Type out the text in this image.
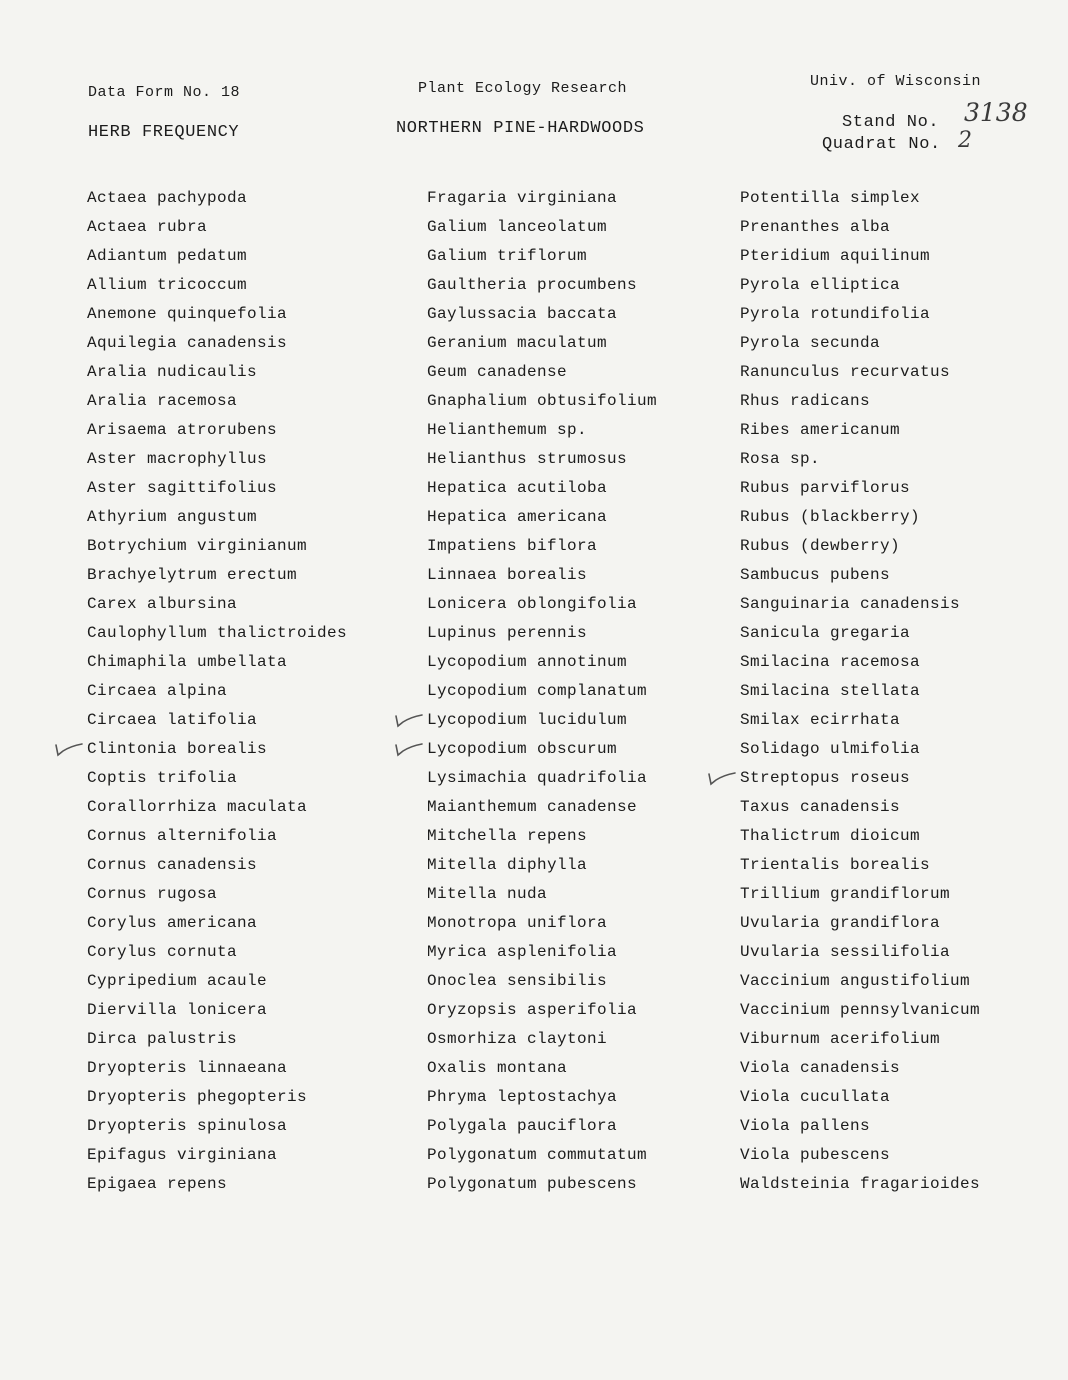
Data Form No. 18	Plant Ecology Research	Univ. of Wisconsin
HERB FREQUENCY	NORTHERN PINE-HARDWOODS	Stand No. 3138
Quadrat No. 2
Actaea pachypoda
Actaea rubra
Adiantum pedatum
Allium tricoccum
Anemone quinquefolia
Aquilegia canadensis
Aralia nudicaulis
Aralia racemosa
Arisaema atrorubens
Aster macrophyllus
Aster sagittifolius
Athyrium angustum
Botrychium virginianum
Brachyelytrum erectum
Carex albursina
Caulophyllum thalictroides
Chimaphila umbellata
Circaea alpina
Circaea latifolia
Clintonia borealis
Coptis trifolia
Corallorrhiza maculata
Cornus alternifolia
Cornus canadensis
Cornus rugosa
Corylus americana
Corylus cornuta
Cypripedium acaule
Diervilla lonicera
Dirca palustris
Dryopteris linnaeana
Dryopteris phegopteris
Dryopteris spinulosa
Epifagus virginiana
Epigaea repens
Fragaria virginiana
Galium lanceolatum
Galium triflorum
Gaultheria procumbens
Gaylussacia baccata
Geranium maculatum
Geum canadense
Gnaphalium obtusifolium
Helianthemum sp.
Helianthus strumosus
Hepatica acutiloba
Hepatica americana
Impatiens biflora
Linnaea borealis
Lonicera oblongifolia
Lupinus perennis
Lycopodium annotinum
Lycopodium complanatum
Lycopodium lucidulum
Lycopodium obscurum
Lysimachia quadrifolia
Maianthemum canadense
Mitchella repens
Mitella diphylla
Mitella nuda
Monotropa uniflora
Myrica asplenifolia
Onoclea sensibilis
Oryzopsis asperifolia
Osmorhiza claytoni
Oxalis montana
Phryma leptostachya
Polygala pauciflora
Polygonatum commutatum
Polygonatum pubescens
Potentilla simplex
Prenanthes alba
Pteridium aquilinum
Pyrola elliptica
Pyrola rotundifolia
Pyrola secunda
Ranunculus recurvatus
Rhus radicans
Ribes americanum
Rosa sp.
Rubus parviflorus
Rubus (blackberry)
Rubus (dewberry)
Sambucus pubens
Sanguinaria canadensis
Sanicula gregaria
Smilacina racemosa
Smilacina stellata
Smilax ecirrhata
Solidago ulmifolia
Streptopus roseus
Taxus canadensis
Thalictrum dioicum
Trientalis borealis
Trillium grandiflorum
Uvularia grandiflora
Uvularia sessilifolia
Vaccinium angustifolium
Vaccinium pennsylvanicum
Viburnum acerifolium
Viola canadensis
Viola cucullata
Viola pallens
Viola pubescens
Waldsteinia fragarioides
